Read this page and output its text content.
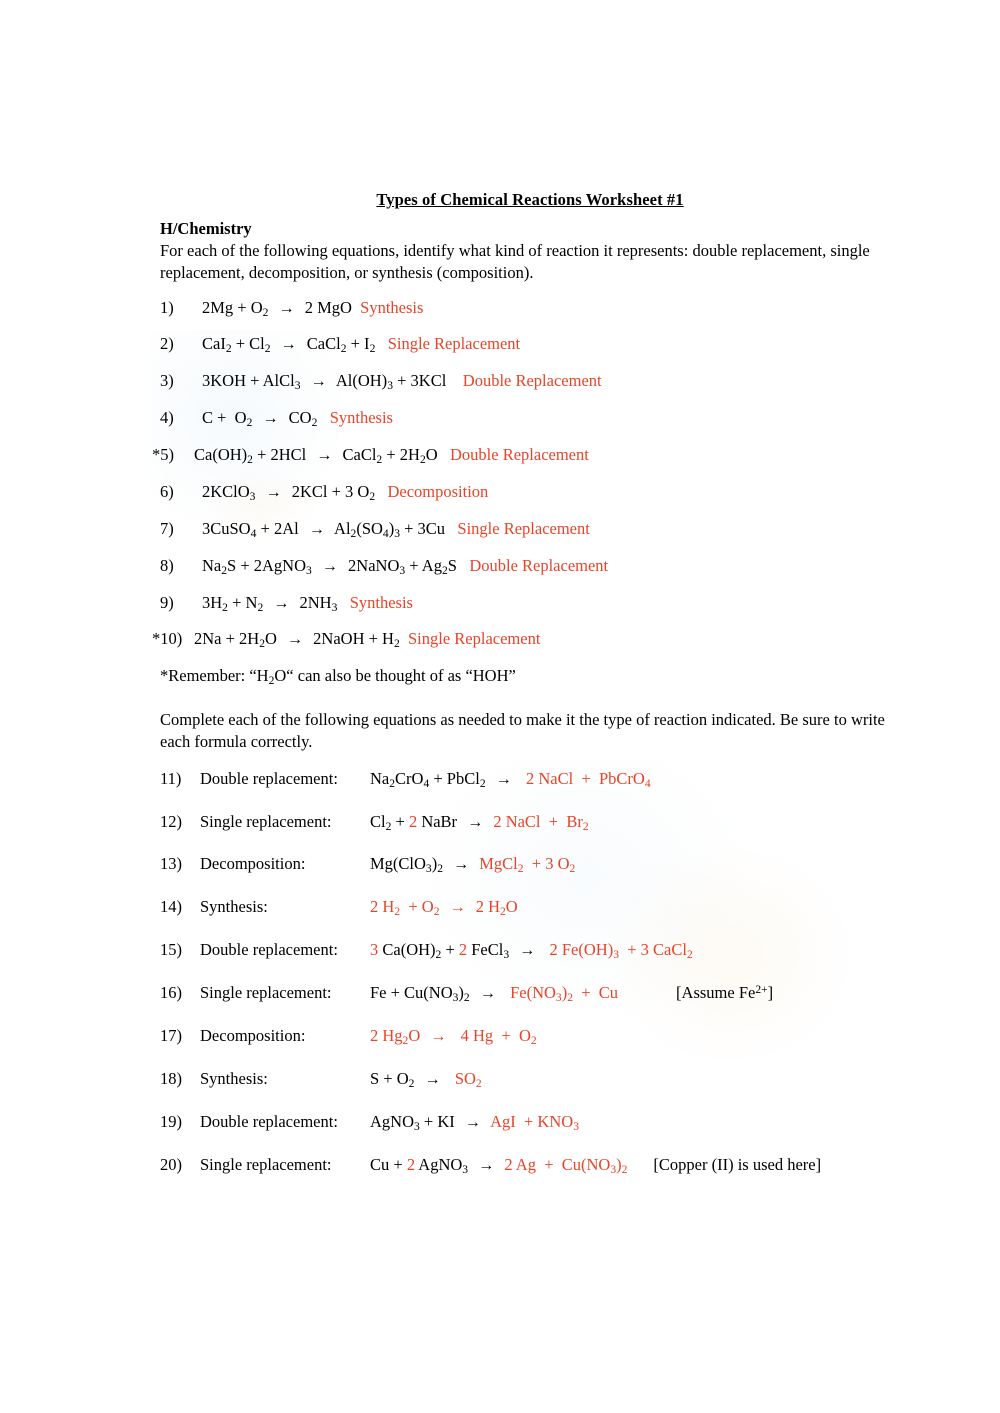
Types of Chemical Reactions Worksheet #1
H/Chemistry
For each of the following equations, identify what kind of reaction it represents: double replacement, single replacement, decomposition, or synthesis (composition).
1)	$2Mg + O_2 \to 2$ MgO  Synthesis
2)	$CaI_2 + Cl_2$ → CaCl$_2$ + $I_2$ Single Replacement
3)	3KOH + AlCl$_3$ → $Al(OH)_3 + 3KCl$    Double Replacement
4)	$C + O_2 \to CO_2$ Synthesis
*5)	$Ca(OH)_2 + 2HCl$ → CaCl$_2$ + $2H_2O$   Double Replacement
6)	2KClO$_3$ → 2KCl + 3 $O_2$ Decomposition
7)	3CuSO$_4$ + $2Al \to Al_2(SO_4)_3 + 3Cu$   Single Replacement
8)	$Na_2S$ + 2AgNO$_3$ → 2NaNO$_3$ + $Ag_2S$   Double Replacement
9)	$3H_2 + N_2 \to 2NH_3$ Synthesis
*10) $2Na + 2H_2O$ → 2NaOH + $H_2$ Single Replacement
*Remember: “$H_2O“$ can also be thought of as “HOH”
Complete each of the following equations as needed to make it the type of reaction indicated. Be sure to write each formula correctly.
11)	Double replacement:	$Na_2CrO_4$ + PbCl$_2$ → 2 NaCl  +  PbCrO$_4$
12)	Single replacement:	$Cl_2 + 2$ NaBr → 2 NaCl  +  $Br_2$
13)	Decomposition:	$Mg(ClO_3)_2$ → MgCl$_2$  + 3 $O_2$
14)	Synthesis:	2 $H_2 + O_2 \to 2$ $H_2O$
15)	Double replacement:	3 $Ca(OH)_2 + 2$ FeCl$_3$ → 2 $Fe(OH)_3 + 3$ CaCl$_2$
16)	Single replacement:	$Fe + Cu(NO_3)_2 \to Fe(NO_3)_2 + Cu$	[Assume $Fe^{2+}$]
17)	Decomposition:	2 $Hg_2O \to 4$ $Hg + O_2$
18)	Synthesis:	$S + O_2 \to SO_2$
19)	Double replacement:	AgNO$_3$ + KI → AgI  + $KNO_3$
20)	Single replacement:	Cu + 2 AgNO$_3$ → 2 $Ag + Cu(NO_3)_2$ [Copper (II) is used here]
